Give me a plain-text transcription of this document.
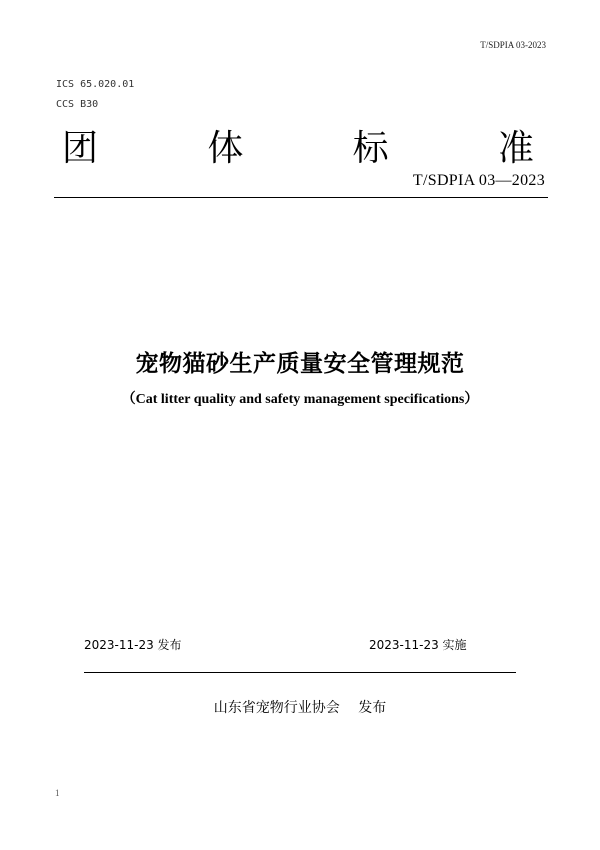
T/SDPIA 03-2023
ICS 65.020.01
CCS B30
团	体	标	准
T/SDPIA 03—2023
宠物猫砂生产质量安全管理规范
（Cat litter quality and safety management specifications）
2023-11-23 发布	2023-11-23 实施
山东省宠物行业协会　 发布
1
